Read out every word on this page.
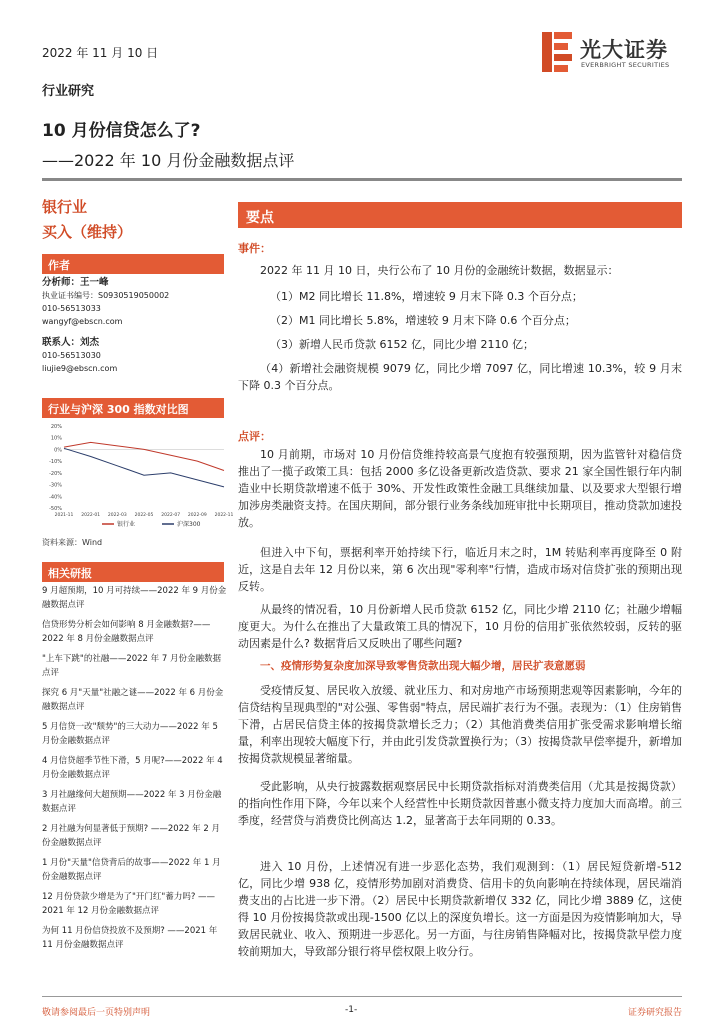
2022 年 11 月 10 日	光大证券
EVERBRIGHT SECURITIES
行业研究
10 月份信贷怎么了?
——2022 年 10 月份金融数据点评
银行业
买入（维持）
作者
分析师：王一峰
执业证书编号：S0930519050002
010-56513033
wangyf@ebscn.com
联系人：刘杰
010-56513030
liujie9@ebscn.com
行业与沪深 300 指数对比图
20%
10%
0%
-10%
-20%
-30%
-40%
-50%
银行业	沪深300
2021-11 2022-01 2022-03 2022-05 2022-07 2022-09 2022-11
资料来源：Wind
相关研报
9 月超预期，10 月可持续——2022 年 9 月份金融数据点评
信贷形势分析会如何影响 8 月金融数据?——2022 年 8 月份金融数据点评
"上车下跳"的社融——2022 年 7 月份金融数据点评
探究 6 月"天量"社融之谜——2022 年 6 月份金融数据点评
5 月信贷一改"颓势"的三大动力——2022 年 5 月份金融数据点评
4 月信贷超季节性下滑，5 月呢?——2022 年 4 月份金融数据点评
3 月社融缘何大超预期——2022 年 3 月份金融数据点评
2 月社融为何显著低于预期? ——2022 年 2 月份金融数据点评
1 月份"天量"信贷背后的故事——2022 年 1 月份金融数据点评
12 月份贷款少增是为了"开门红"蓄力吗? ——2021 年 12 月份金融数据点评
为何 11 月份信贷投放不及预期? ——2021 年 11 月份金融数据点评
要点
事件：
2022 年 11 月 10 日，央行公布了 10 月份的金融统计数据，数据显示：
（1）M2 同比增长 11.8%，增速较 9 月末下降 0.3 个百分点；
（2）M1 同比增长 5.8%，增速较 9 月末下降 0.6 个百分点；
（3）新增人民币贷款 6152 亿，同比少增 2110 亿；
（4）新增社会融资规模 9079 亿，同比少增 7097 亿，同比增速 10.3%，较 9 月末下降 0.3 个百分点。
点评：
10 月前期，市场对 10 月份信贷维持较高景气度抱有较强预期，因为监管针对稳信贷推出了一揽子政策工具：包括 2000 多亿设备更新改造贷款、要求 21 家全国性银行年内制造业中长期贷款增速不低于 30%、开发性政策性金融工具继续加量、以及要求大型银行增加涉房类融资支持。在国庆期间，部分银行业务条线加班审批中长期项目，推动贷款加速投放。
但进入中下旬，票据利率开始持续下行，临近月末之时，1M 转贴利率再度降至 0 附近，这是自去年 12 月份以来，第 6 次出现"零利率"行情，造成市场对信贷扩张的预期出现反转。
从最终的情况看，10 月份新增人民币贷款 6152 亿，同比少增 2110 亿；社融少增幅度更大。为什么在推出了大量政策工具的情况下，10 月份的信用扩张依然较弱，反转的驱动因素是什么? 数据背后又反映出了哪些问题?
一、疫情形势复杂度加深导致零售贷款出现大幅少增，居民扩表意愿弱
受疫情反复、居民收入放缓、就业压力、和对房地产市场预期悲观等因素影响，今年的信贷结构呈现典型的"对公强、零售弱"特点，居民端扩表行为不强。表现为：（1）住房销售下滑，占居民信贷主体的按揭贷款增长乏力；（2）其他消费类信用扩张受需求影响增长缩量，利率出现较大幅度下行，并由此引发贷款置换行为；（3）按揭贷款早偿率提升，新增加按揭贷款规模显著缩量。
受此影响，从央行披露数据观察居民中长期贷款指标对消费类信用（尤其是按揭贷款）的指向性作用下降，今年以来个人经营性中长期贷款因普惠小微支持力度加大而高增。前三季度，经营贷与消费贷比例高达 1.2，显著高于去年同期的 0.33。
进入 10 月份，上述情况有进一步恶化态势，我们观测到：（1）居民短贷新增-512 亿，同比少增 938 亿，疫情形势加剧对消费贷、信用卡的负向影响在持续体现，居民端消费支出的占比进一步下滑。（2）居民中长期贷款新增仅 332 亿，同比少增 3889 亿，这使得 10 月份按揭贷款或出现-1500 亿以上的深度负增长。这一方面是因为疫情影响加大，导致居民就业、收入、预期进一步恶化。另一方面，与往房销售降幅对比，按揭贷款早偿力度较前期加大，导致部分银行将早偿权限上收分行。
敬请参阅最后一页特别声明	-1-	证券研究报告
